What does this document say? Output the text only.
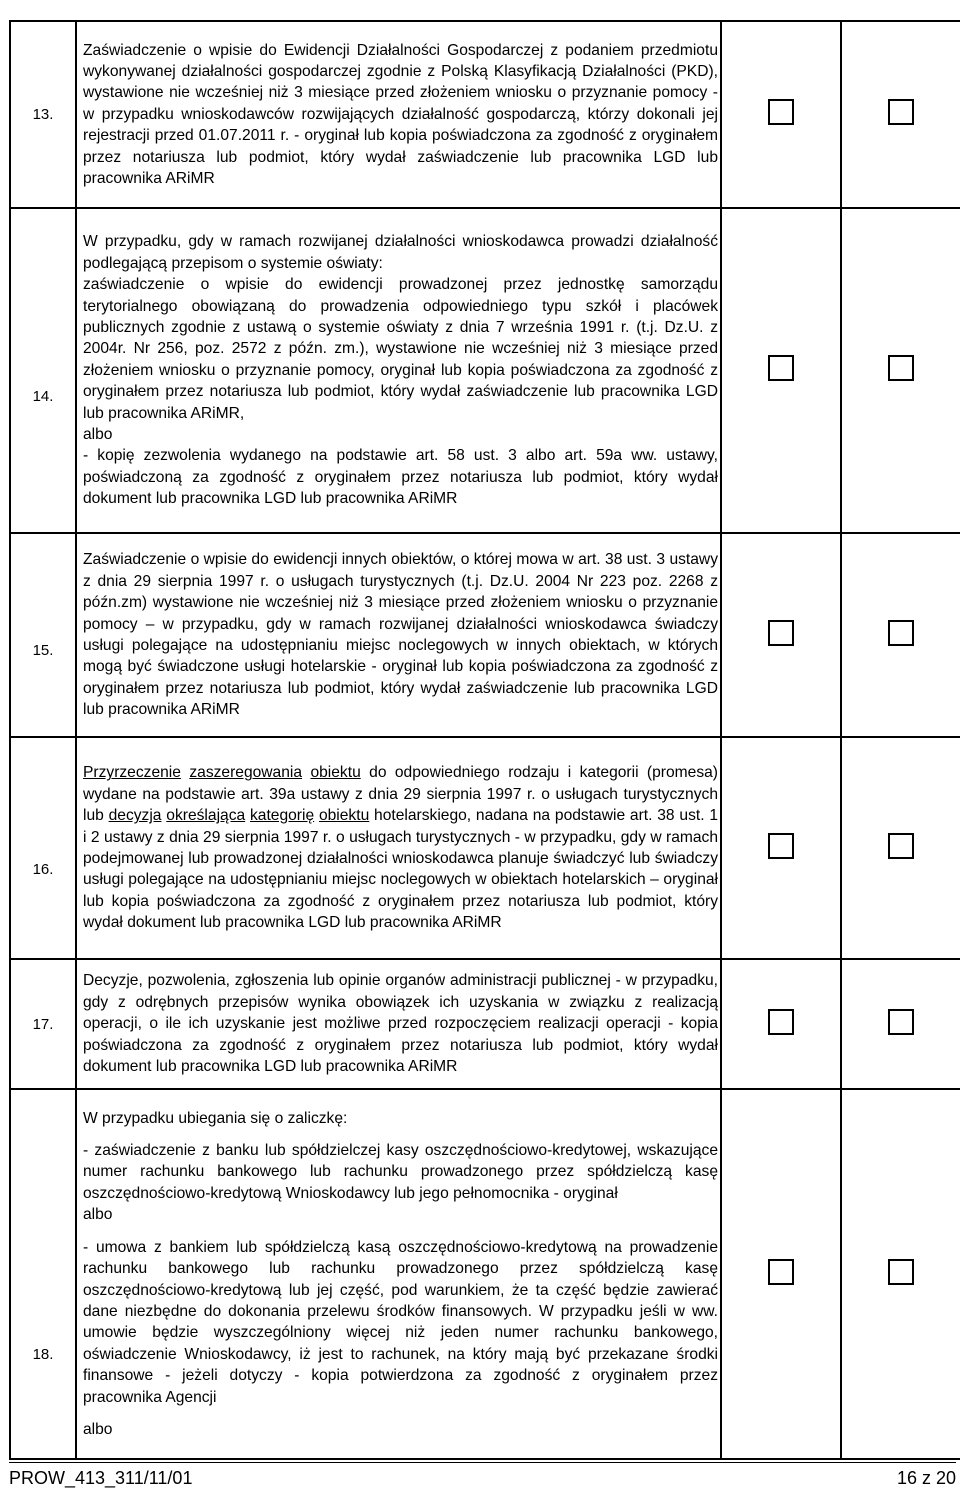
13.	Zaświadczenie o wpisie do Ewidencji Działalności Gospodarczej z podaniem przedmiotu wykonywanej działalności gospodarczej zgodnie z Polską Klasyfikacją Działalności (PKD), wystawione nie wcześniej niż 3 miesiące przed złożeniem wniosku o przyznanie pomocy - w przypadku wnioskodawców rozwijających działalność gospodarczą, którzy dokonali jej rejestracji przed 01.07.2011 r. - oryginał lub kopia poświadczona za zgodność z oryginałem przez notariusza lub podmiot, który wydał zaświadczenie lub pracownika LGD lub pracownika ARiMR		

14.	W przypadku, gdy w ramach rozwijanej działalności wnioskodawca prowadzi działalność podlegającą przepisom o systemie oświaty:

zaświadczenie o wpisie do ewidencji prowadzonej przez jednostkę samorządu terytorialnego obowiązaną do prowadzenia odpowiedniego typu szkół i placówek publicznych zgodnie z ustawą o systemie oświaty z dnia 7 września 1991 r. (t.j. Dz.U. z 2004r. Nr 256, poz. 2572 z późn. zm.), wystawione nie wcześniej niż 3 miesiące przed złożeniem wniosku o przyznanie pomocy, oryginał lub kopia poświadczona za zgodność z oryginałem przez notariusza lub podmiot, który wydał zaświadczenie lub pracownika LGD lub pracownika ARiMR,

albo

- kopię zezwolenia wydanego na podstawie art. 58 ust. 3 albo art. 59a ww. ustawy, poświadczoną za zgodność z oryginałem przez notariusza lub podmiot, który wydał dokument lub pracownika LGD lub pracownika ARiMR		

15.	Zaświadczenie o wpisie do ewidencji innych obiektów, o której mowa w art. 38 ust. 3 ustawy z dnia 29 sierpnia 1997 r. o usługach turystycznych (t.j. Dz.U. 2004 Nr 223 poz. 2268 z późn.zm) wystawione nie wcześniej niż 3 miesiące przed złożeniem wniosku o przyznanie pomocy – w przypadku, gdy w ramach rozwijanej działalności wnioskodawca świadczy usługi polegające na udostępnianiu miejsc noclegowych w innych obiektach, w których mogą być świadczone usługi hotelarskie - oryginał lub kopia poświadczona za zgodność z oryginałem przez notariusza lub podmiot, który wydał zaświadczenie lub pracownika LGD lub pracownika ARiMR		

16.	Przyrzeczenie zaszeregowania obiektu do odpowiedniego rodzaju i kategorii (promesa) wydane na podstawie art. 39a ustawy z dnia 29 sierpnia 1997 r. o usługach turystycznych lub decyzja określająca kategorię obiektu hotelarskiego, nadana na podstawie art. 38 ust. 1 i 2 ustawy z dnia 29 sierpnia 1997 r. o usługach turystycznych - w przypadku, gdy w ramach podejmowanej lub prowadzonej działalności wnioskodawca planuje świadczyć lub świadczy usługi polegające na udostępnianiu miejsc noclegowych w obiektach hotelarskich – oryginał lub kopia poświadczona za zgodność z oryginałem przez notariusza lub podmiot, który wydał dokument lub pracownika LGD lub pracownika ARiMR		

17.	Decyzje, pozwolenia, zgłoszenia lub opinie organów administracji publicznej - w przypadku, gdy z odrębnych przepisów wynika obowiązek ich uzyskania w związku z realizacją operacji, o ile ich uzyskanie jest możliwe przed rozpoczęciem realizacji operacji - kopia poświadczona za zgodność z oryginałem przez notariusza lub podmiot, który wydał dokument lub pracownika LGD lub pracownika ARiMR		

18.	W przypadku ubiegania się o zaliczkę:

- zaświadczenie z banku lub spółdzielczej kasy oszczędnościowo-kredytowej, wskazujące numer rachunku bankowego lub rachunku prowadzonego przez spółdzielczą kasę oszczędnościowo-kredytową Wnioskodawcy lub jego pełnomocnika - oryginał

albo

- umowa z bankiem lub spółdzielczą kasą oszczędnościowo-kredytową na prowadzenie rachunku bankowego lub rachunku prowadzonego przez spółdzielczą kasę oszczędnościowo-kredytową lub jej część, pod warunkiem, że ta część będzie zawierać dane niezbędne do dokonania przelewu środków finansowych. W przypadku jeśli w ww. umowie będzie wyszczególniony więcej niż jeden numer rachunku bankowego, oświadczenie Wnioskodawcy, iż jest to rachunek, na który mają być przekazane środki finansowe - jeżeli dotyczy - kopia potwierdzona za zgodność z oryginałem przez pracownika Agencji

albo		

PROW_413_311/11/01	16 z 20
